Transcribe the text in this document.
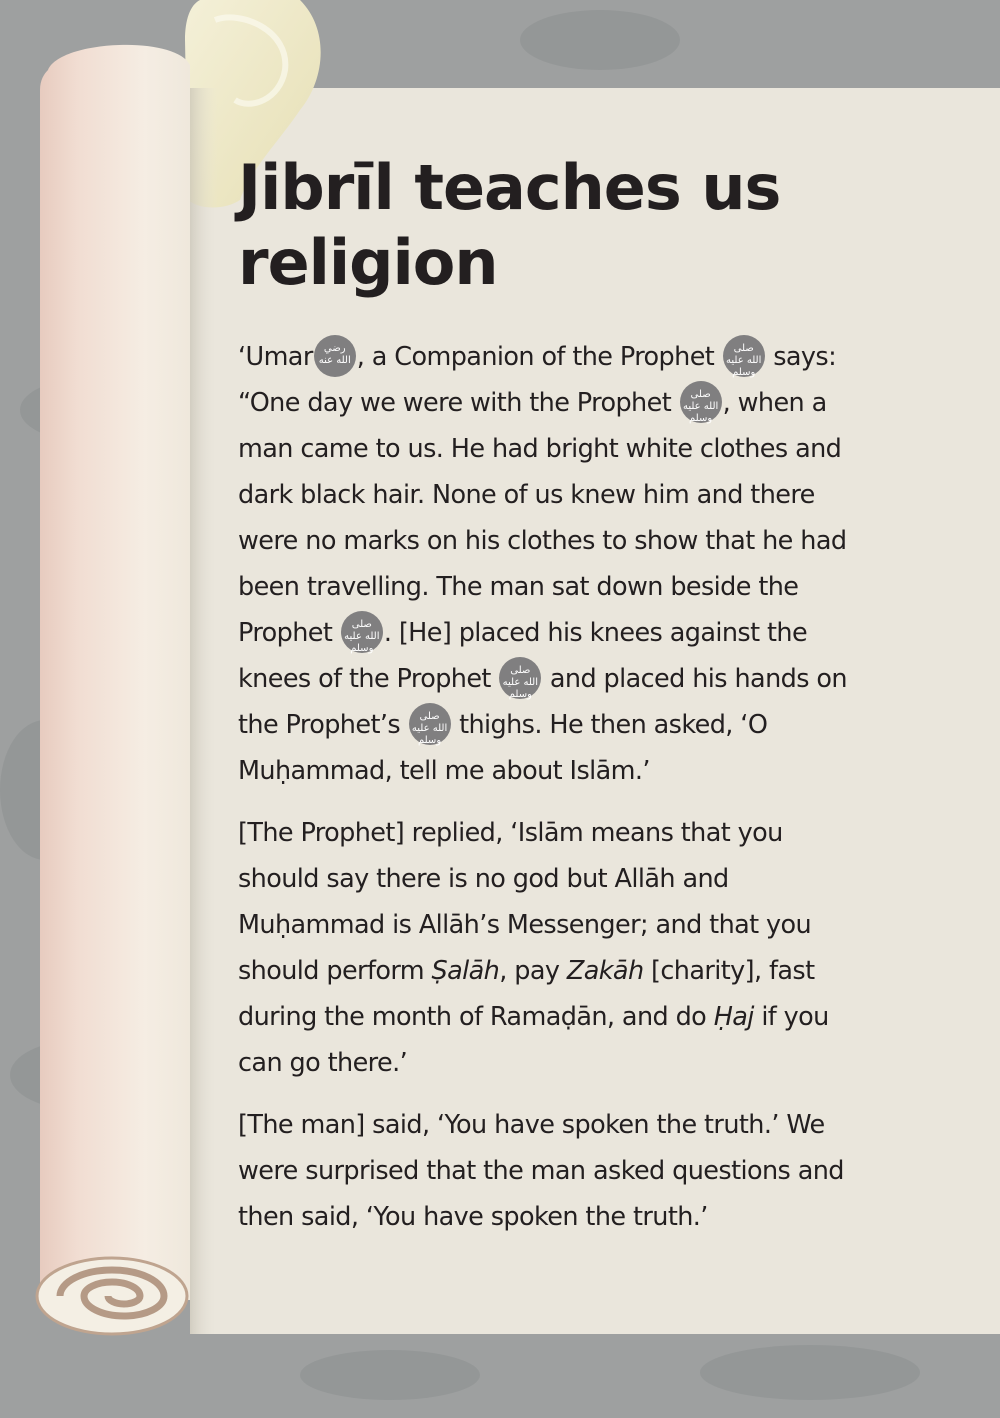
Jibrīl teaches us religion

‘Umar رضي
الله عنه , a Companion of the Prophet صلى
الله عليه وسلم
says: “One day we were with the Prophet صلى
الله عليه وسلم
, when a man came to us. He had bright white clothes and dark black hair. None of us knew him and there were no marks on his clothes to show that he had been travelling. The man sat down beside the Prophet صلى
الله عليه وسلم
. [He] placed his knees against the knees of the Prophet صلى
الله عليه وسلم
and placed his hands on the Prophet’s صلى
الله عليه وسلم
thighs. He then asked, ‘O Muḥammad, tell me about Islām.’

[The Prophet] replied, ‘Islām means that you should say there is no god but Allāh and Muḥammad is Allāh’s Messenger; and that you should perform Ṣalāh, pay Zakāh [charity], fast during the month of Ramaḍān, and do Ḥaj if you can go there.’

[The man] said, ‘You have spoken the truth.’ We were surprised that the man asked questions and then said, ‘You have spoken the truth.’
